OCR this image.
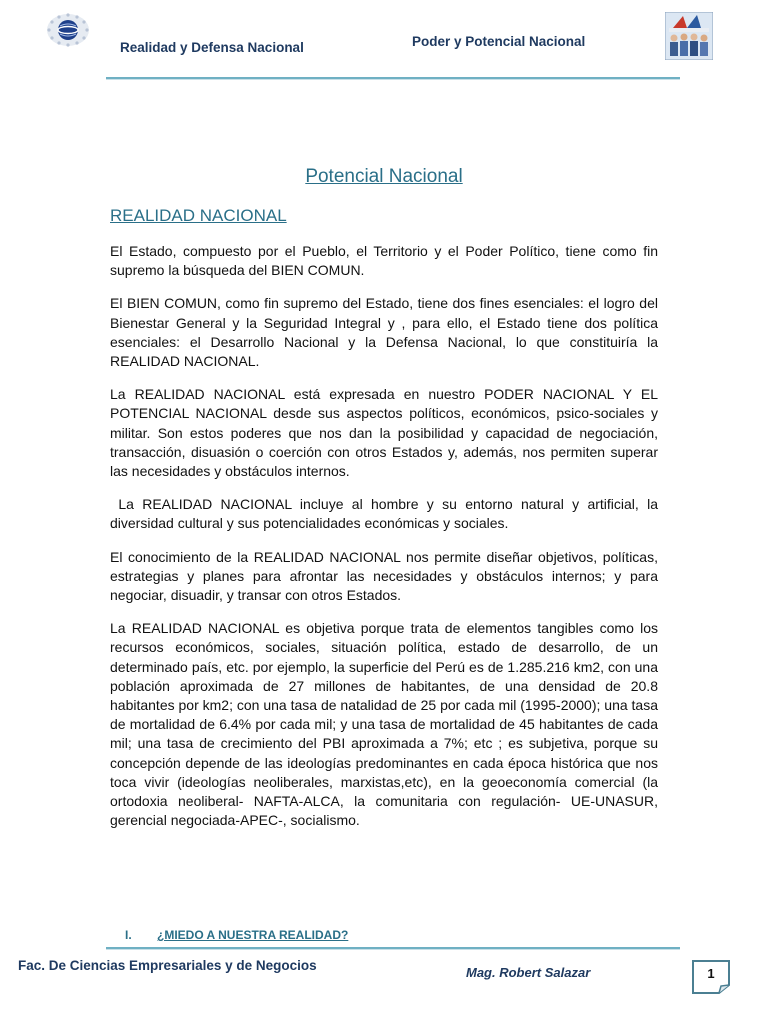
Realidad y Defensa Nacional	Poder y Potencial Nacional
Potencial Nacional
REALIDAD NACIONAL

El Estado, compuesto por el Pueblo, el Territorio y el Poder Político, tiene como fin supremo la búsqueda del BIEN COMUN.

El BIEN COMUN, como fin supremo del Estado, tiene dos fines esenciales: el logro del Bienestar General y la Seguridad Integral y , para ello, el Estado tiene dos política esenciales: el Desarrollo Nacional y la Defensa Nacional, lo que constituiría la REALIDAD NACIONAL.

La REALIDAD NACIONAL está expresada en nuestro PODER NACIONAL Y EL POTENCIAL NACIONAL desde sus aspectos políticos, económicos, psico-sociales y militar. Son estos poderes que nos dan la posibilidad y capacidad de negociación, transacción, disuasión o coerción con otros Estados y, además, nos permiten superar las necesidades y obstáculos internos.

La REALIDAD NACIONAL incluye al hombre y su entorno natural y artificial, la diversidad cultural y sus potencialidades económicas y sociales.

El conocimiento de la REALIDAD NACIONAL nos permite diseñar objetivos, políticas, estrategias y planes para afrontar las necesidades y obstáculos internos; y para negociar, disuadir, y transar con otros Estados.

La REALIDAD NACIONAL es objetiva porque trata de elementos tangibles como los recursos económicos, sociales, situación política, estado de desarrollo, de un determinado país, etc. por ejemplo, la superficie del Perú es de 1.285.216 km2, con una población aproximada de 27 millones de habitantes, de una densidad de 20.8 habitantes por km2; con una tasa de natalidad de 25 por cada mil (1995-2000); una tasa de mortalidad de 6.4% por cada mil; y una tasa de mortalidad de 45 habitantes de cada mil; una tasa de crecimiento del PBI aproximada a 7%; etc ; es subjetiva, porque su concepción depende de las ideologías predominantes en cada época histórica que nos toca vivir (ideologías neoliberales, marxistas,etc), en la geoeconomía comercial (la ortodoxia neoliberal- NAFTA-ALCA, la comunitaria con regulación- UE-UNASUR, gerencial negociada-APEC-, socialismo.

I. ¿MIEDO A NUESTRA REALIDAD?
Fac. De Ciencias Empresariales y de Negocios	Mag. Robert Salazar	1
